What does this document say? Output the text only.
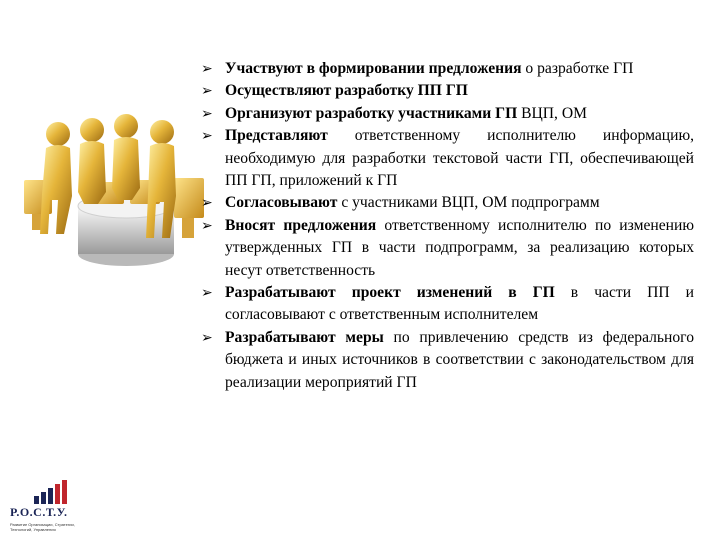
➢ Участвуют в формировании предложения о разработке ГП
➢ Осуществляют разработку ПП ГП
➢ Организуют разработку участниками ГП ВЦП, ОМ
➢ Представляют ответственному исполнителю информацию, необходимую для разработки текстовой части ГП, обеспечивающей ПП ГП, приложений к ГП
➢ Согласовывают с участниками ВЦП, ОМ подпрограмм
➢ Вносят предложения ответственному исполнителю по изменению утвержденных ГП в части подпрограмм, за реализацию которых несут ответственность
➢ Разрабатывают проект изменений в ГП в части ПП и согласовывают с ответственным исполнителем
➢ Разрабатывают меры по привлечению средств из федерального бюджета и иных источников в соответствии с законодательством для реализации мероприятий ГП
Р.О.С.Т.У.
Развитие Организации, Стратегии, Технологий, Управления
